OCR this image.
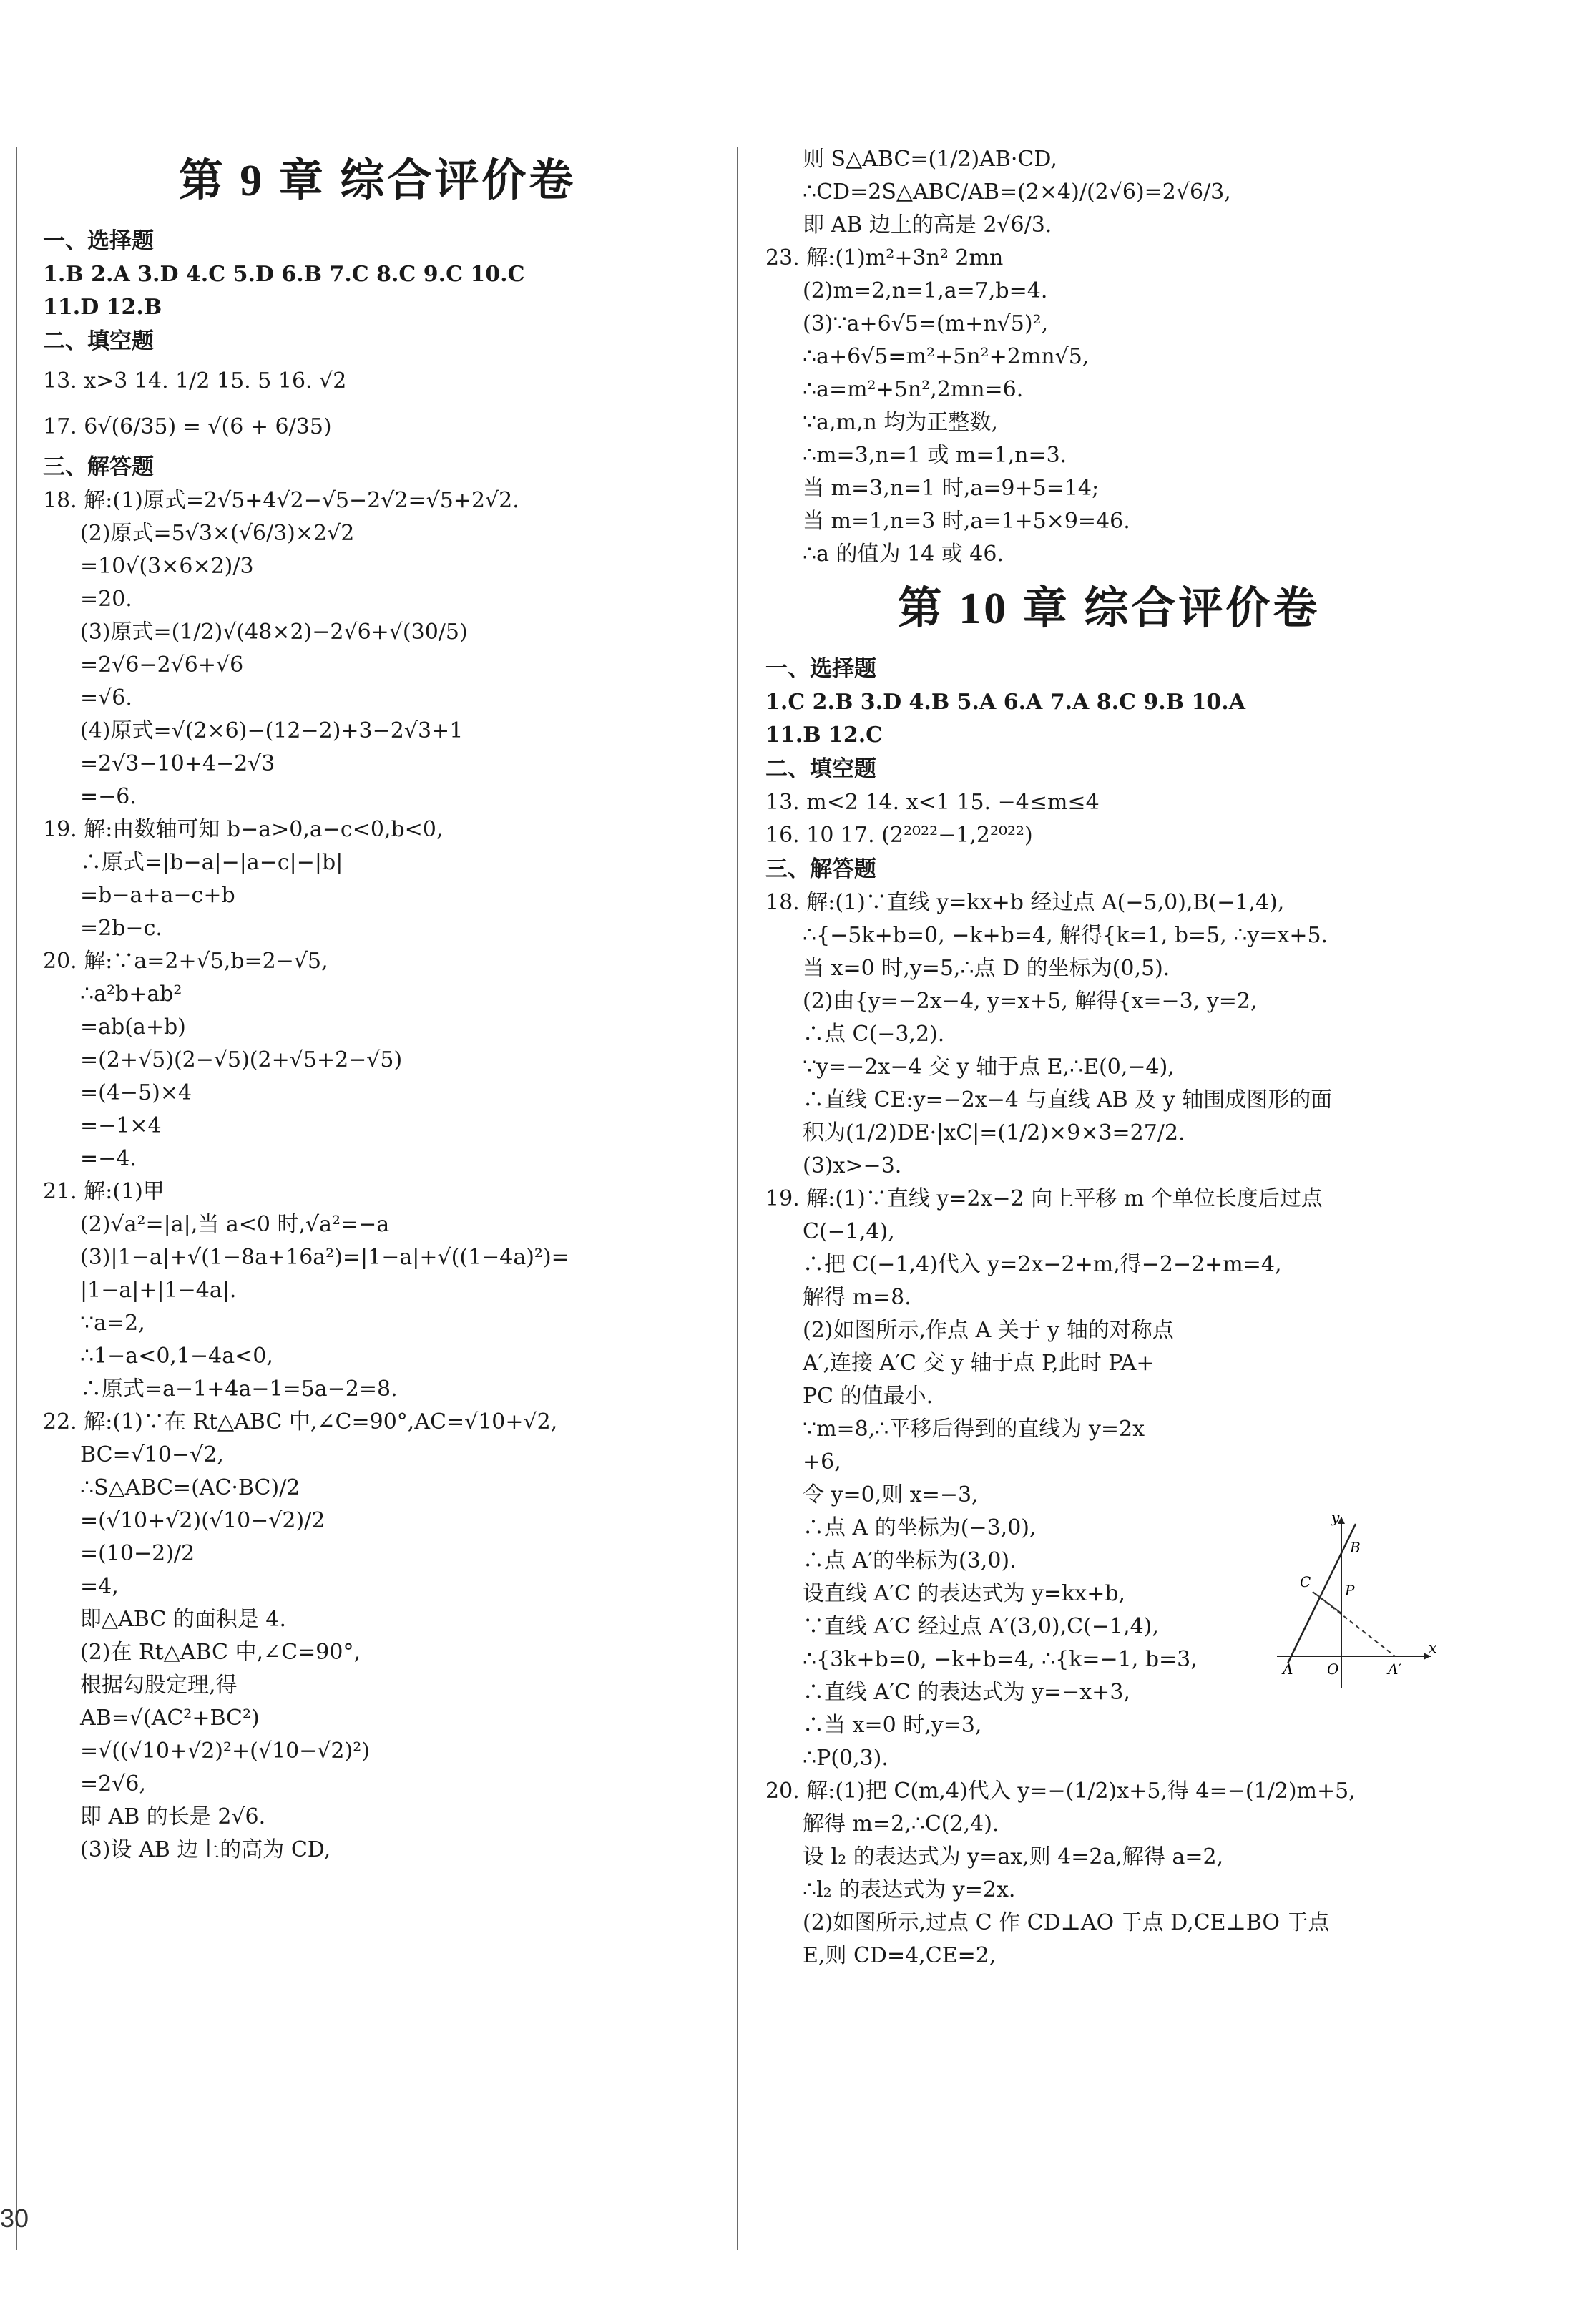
第 9 章 综合评价卷
一、选择题
1.B 2.A 3.D 4.C 5.D 6.B 7.C 8.C 9.C 10.C
11.D 12.B
二、填空题
13. x>3 14. 1/2 15. 5 16. √2
17. 6√(6/35) = √(6 + 6/35)
三、解答题
18. 解:(1)原式=2√5+4√2−√5−2√2=√5+2√2.
(2)原式=5√3×(√6/3)×2√2
=10√(3×6×2)/3
=20.
(3)原式=(1/2)√(48×2)−2√6+√(30/5)
=2√6−2√6+√6
=√6.
(4)原式=√(2×6)−(12−2)+3−2√3+1
=2√3−10+4−2√3
=−6.
19. 解:由数轴可知 b−a>0,a−c<0,b<0,
∴原式=|b−a|−|a−c|−|b|
=b−a+a−c+b
=2b−c.
20. 解:∵a=2+√5,b=2−√5,
∴a²b+ab²
=ab(a+b)
=(2+√5)(2−√5)(2+√5+2−√5)
=(4−5)×4
=−1×4
=−4.
21. 解:(1)甲
(2)√a²=|a|,当 a<0 时,√a²=−a
(3)|1−a|+√(1−8a+16a²)=|1−a|+√((1−4a)²)=
|1−a|+|1−4a|.
∵a=2,
∴1−a<0,1−4a<0,
∴原式=a−1+4a−1=5a−2=8.
22. 解:(1)∵在 Rt△ABC 中,∠C=90°,AC=√10+√2,
BC=√10−√2,
∴S△ABC=(AC·BC)/2
=(√10+√2)(√10−√2)/2
=(10−2)/2
=4,
即△ABC 的面积是 4.
(2)在 Rt△ABC 中,∠C=90°,
根据勾股定理,得
AB=√(AC²+BC²)
=√((√10+√2)²+(√10−√2)²)
=2√6,
即 AB 的长是 2√6.
(3)设 AB 边上的高为 CD,
则 S△ABC=(1/2)AB·CD,
∴CD=2S△ABC/AB=(2×4)/(2√6)=2√6/3,
即 AB 边上的高是 2√6/3.
23. 解:(1)m²+3n² 2mn
(2)m=2,n=1,a=7,b=4.
(3)∵a+6√5=(m+n√5)²,
∴a+6√5=m²+5n²+2mn√5,
∴a=m²+5n²,2mn=6.
∵a,m,n 均为正整数,
∴m=3,n=1 或 m=1,n=3.
当 m=3,n=1 时,a=9+5=14;
当 m=1,n=3 时,a=1+5×9=46.
∴a 的值为 14 或 46.
第 10 章 综合评价卷
一、选择题
1.C 2.B 3.D 4.B 5.A 6.A 7.A 8.C 9.B 10.A
11.B 12.C
二、填空题
13. m<2 14. x<1 15. −4≤m≤4
16. 10 17. (2²⁰²²−1,2²⁰²²)
三、解答题
18. 解:(1)∵直线 y=kx+b 经过点 A(−5,0),B(−1,4),
∴{−5k+b=0, −k+b=4, 解得{k=1, b=5, ∴y=x+5.
当 x=0 时,y=5,∴点 D 的坐标为(0,5).
(2)由{y=−2x−4, y=x+5, 解得{x=−3, y=2,
∴点 C(−3,2).
∵y=−2x−4 交 y 轴于点 E,∴E(0,−4),
∴直线 CE:y=−2x−4 与直线 AB 及 y 轴围成图形的面
积为(1/2)DE·|xC|=(1/2)×9×3=27/2.
(3)x>−3.
19. 解:(1)∵直线 y=2x−2 向上平移 m 个单位长度后过点
C(−1,4),
∴把 C(−1,4)代入 y=2x−2+m,得−2−2+m=4,
解得 m=8.
(2)如图所示,作点 A 关于 y 轴的对称点
A′,连接 A′C 交 y 轴于点 P,此时 PA+
PC 的值最小.
∵m=8,∴平移后得到的直线为 y=2x
+6,
令 y=0,则 x=−3,
∴点 A 的坐标为(−3,0),
∴点 A′的坐标为(3,0).
设直线 A′C 的表达式为 y=kx+b,
∵直线 A′C 经过点 A′(3,0),C(−1,4),
∴{3k+b=0, −k+b=4, ∴{k=−1, b=3,
∴直线 A′C 的表达式为 y=−x+3,
∴当 x=0 时,y=3,
∴P(0,3).
20. 解:(1)把 C(m,4)代入 y=−(1/2)x+5,得 4=−(1/2)m+5,
解得 m=2,∴C(2,4).
设 l₂ 的表达式为 y=ax,则 4=2a,解得 a=2,
∴l₂ 的表达式为 y=2x.
(2)如图所示,过点 C 作 CD⊥AO 于点 D,CE⊥BO 于点
E,则 CD=4,CE=2,
y
x
B
C P
A O	A′
30
